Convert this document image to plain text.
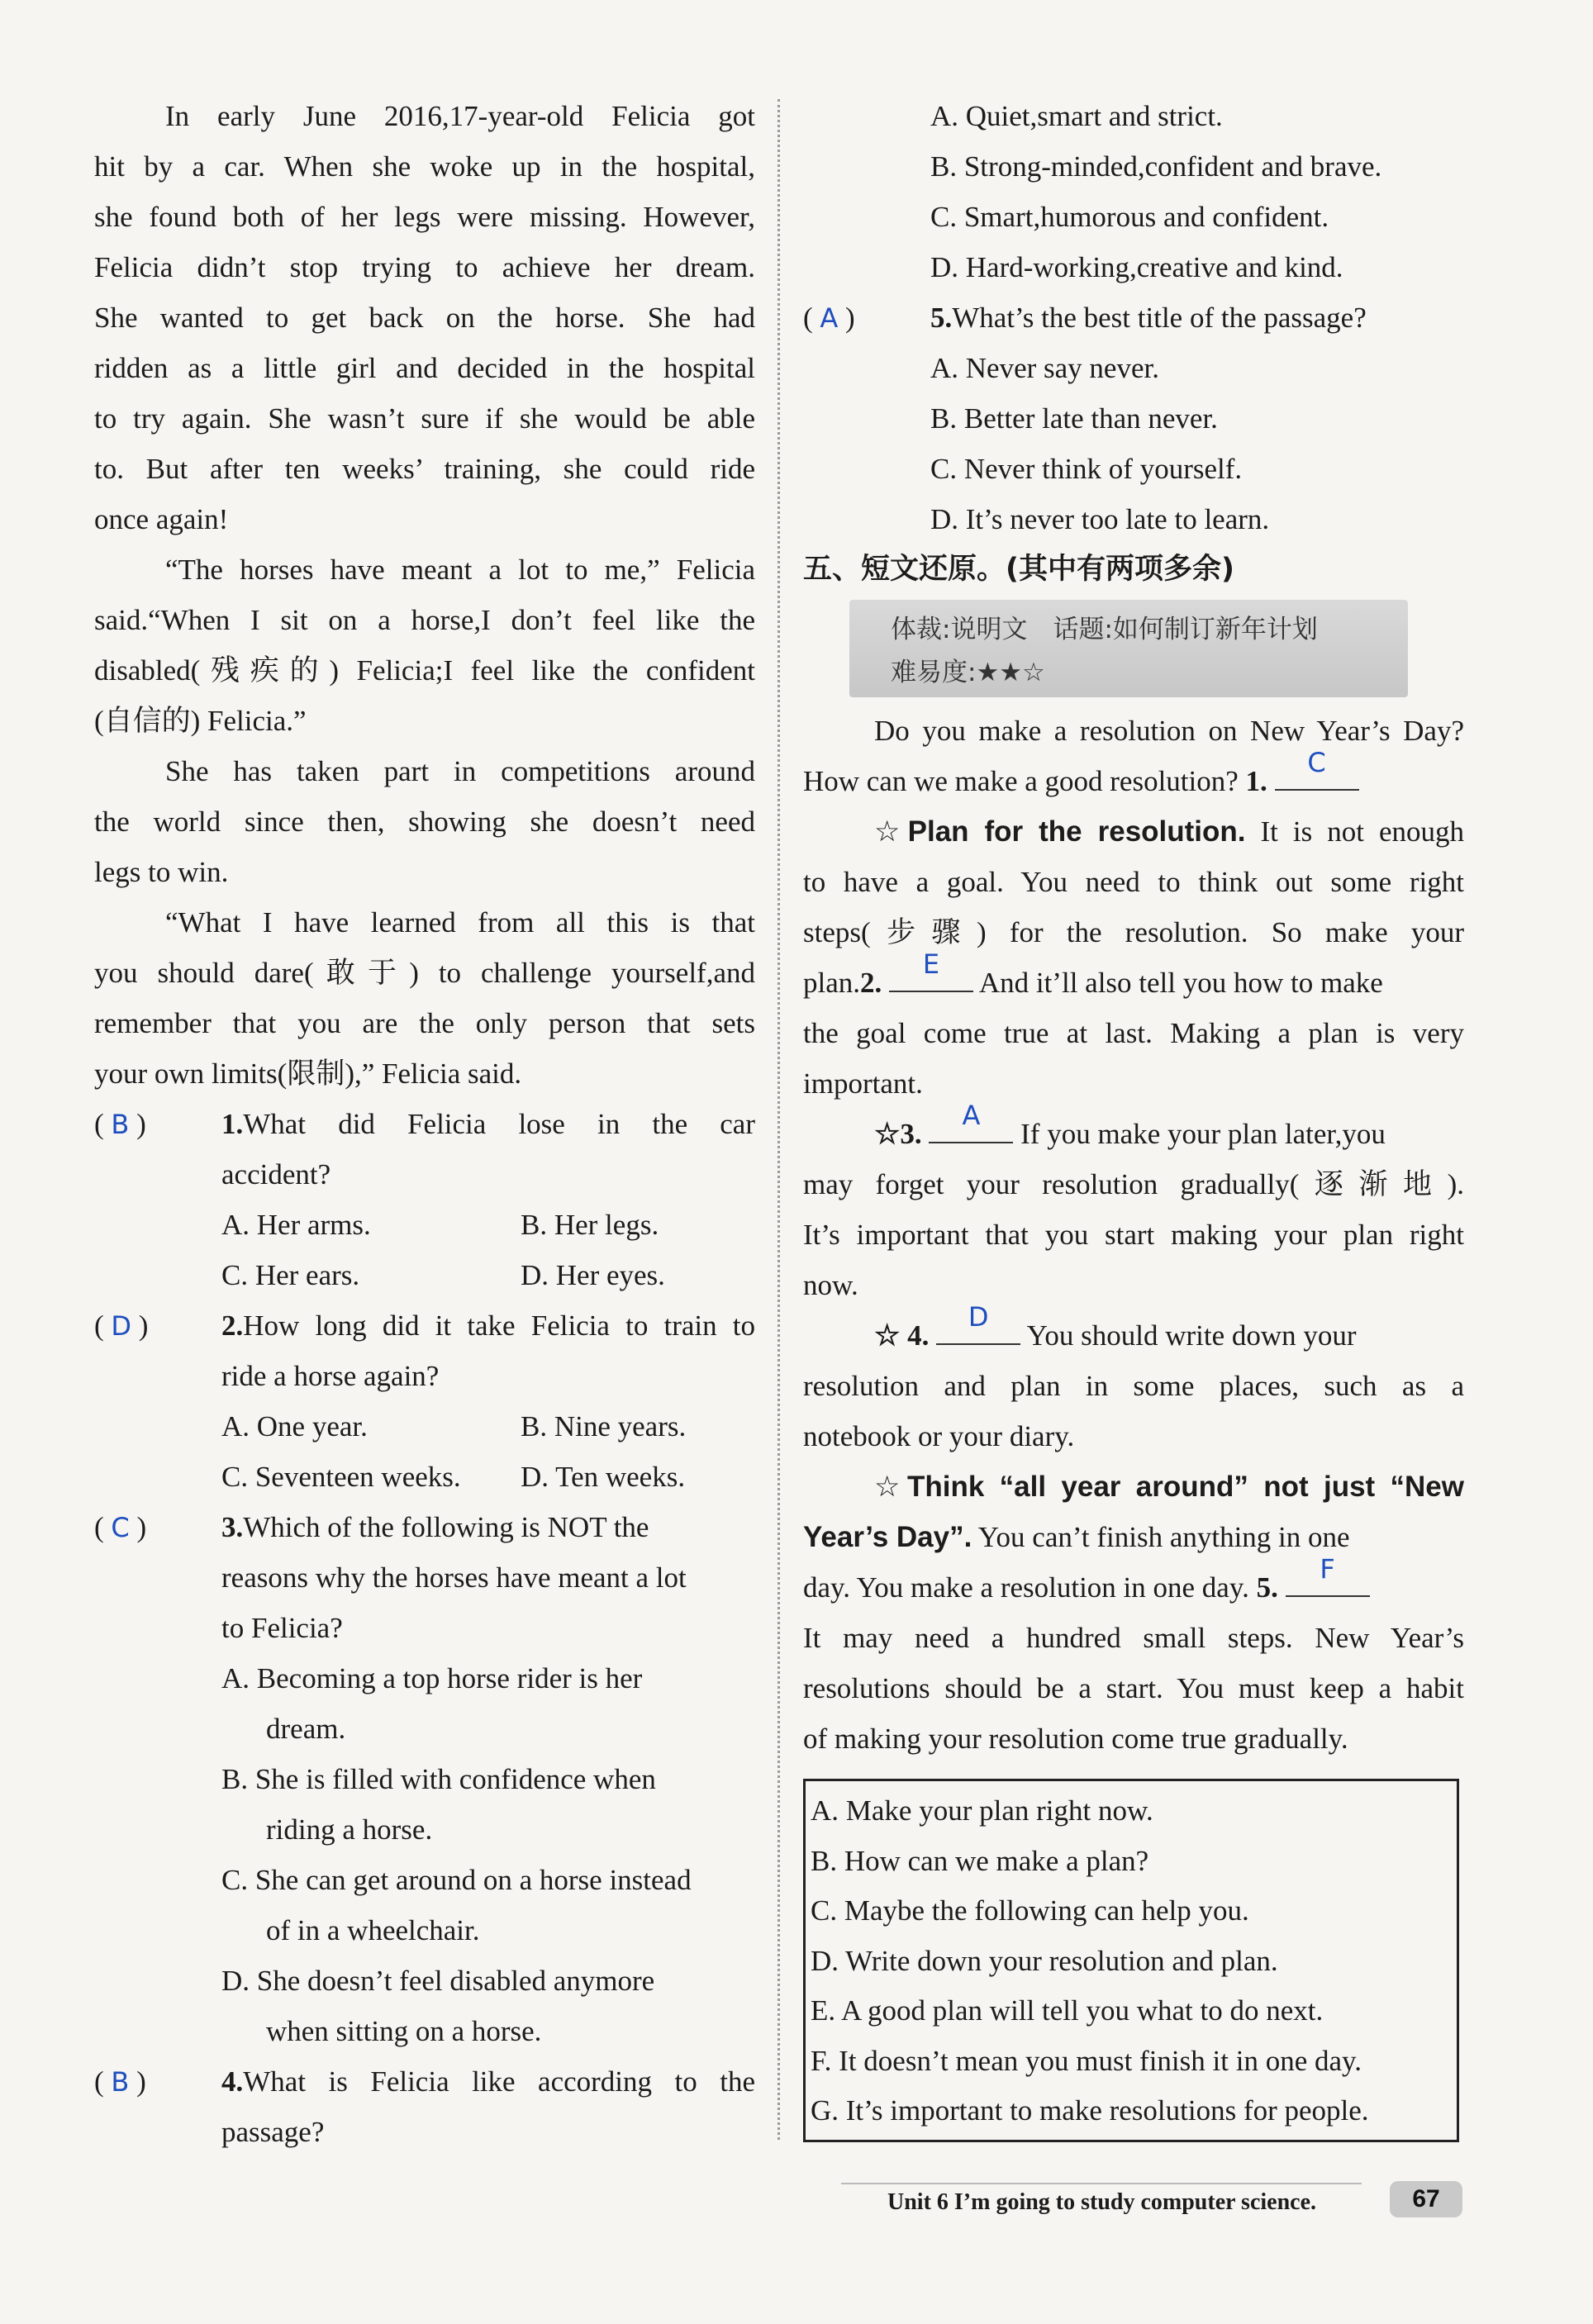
In early June 2016,17-year-old Felicia got
hit by a car. When she woke up in the hospital,
she found both of her legs were missing. However,
Felicia didn’t stop trying to achieve her dream.
She wanted to get back on the horse. She had
ridden as a little girl and decided in the hospital
to try again. She wasn’t sure if she would be able
to. But after ten weeks’ training, she could ride
once again!
“The horses have meant a lot to me,” Felicia
said.“When I sit on a horse,I don’t feel like the
disabled(残疾的) Felicia;I feel like the confident
(自信的) Felicia.”
She has taken part in competitions around
the world since then, showing she doesn’t need
legs to win.
“What I have learned from all this is that
you should dare(敢于) to challenge yourself,and
remember that you are the only person that sets
your own limits(限制),” Felicia said.
( B )	1.What did Felicia lose in the car
accident?
A. Her arms.	B. Her legs.
C. Her ears.	D. Her eyes.
( D )	2.How long did it take Felicia to train to
ride a horse again?
A. One year.	B. Nine years.
C. Seventeen weeks.	D. Ten weeks.
( C )	3.Which of the following is NOT the
reasons why the horses have meant a lot
to Felicia?
A. Becoming a top horse rider is her
dream.
B. She is filled with confidence when
riding a horse.
C. She can get around on a horse instead
of in a wheelchair.
D. She doesn’t feel disabled anymore
when sitting on a horse.
( B )	4.What is Felicia like according to the
passage?
A. Quiet,smart and strict.
B. Strong-minded,confident and brave.
C. Smart,humorous and confident.
D. Hard-working,creative and kind.
( A )	5.What’s the best title of the passage?
A. Never say never.
B. Better late than never.
C. Never think of yourself.
D. It’s never too late to learn.
五、短文还原。(其中有两项多余)
体裁:说明文　话题:如何制订新年计划
难易度:★★☆
Do you make a resolution on New Year’s Day?
How can we make a good resolution? 1.
C
☆Plan for the resolution. It is not enough
to have a goal. You need to think out some right
steps(步骤) for the resolution. So make your
plan.2.
E
And it’ll also tell you how to make
the goal come true at last. Making a plan is very
important.
☆3.
A
If you make your plan later,you
may forget your resolution gradually(逐渐地).
It’s important that you start making your plan right
now.
☆ 4.
D
You should write down your
resolution and plan in some places, such as a
notebook or your diary.
☆Think “all year around” not just “New
Year’s Day”. You can’t finish anything in one
day. You make a resolution in one day. 5.
F
It may need a hundred small steps. New Year’s
resolutions should be a start. You must keep a habit
of making your resolution come true gradually.
A. Make your plan right now.
B. How can we make a plan?
C. Maybe the following can help you.
D. Write down your resolution and plan.
E. A good plan will tell you what to do next.
F. It doesn’t mean you must finish it in one day.
G. It’s important to make resolutions for people.
Unit 6 I’m going to study computer science.	67
